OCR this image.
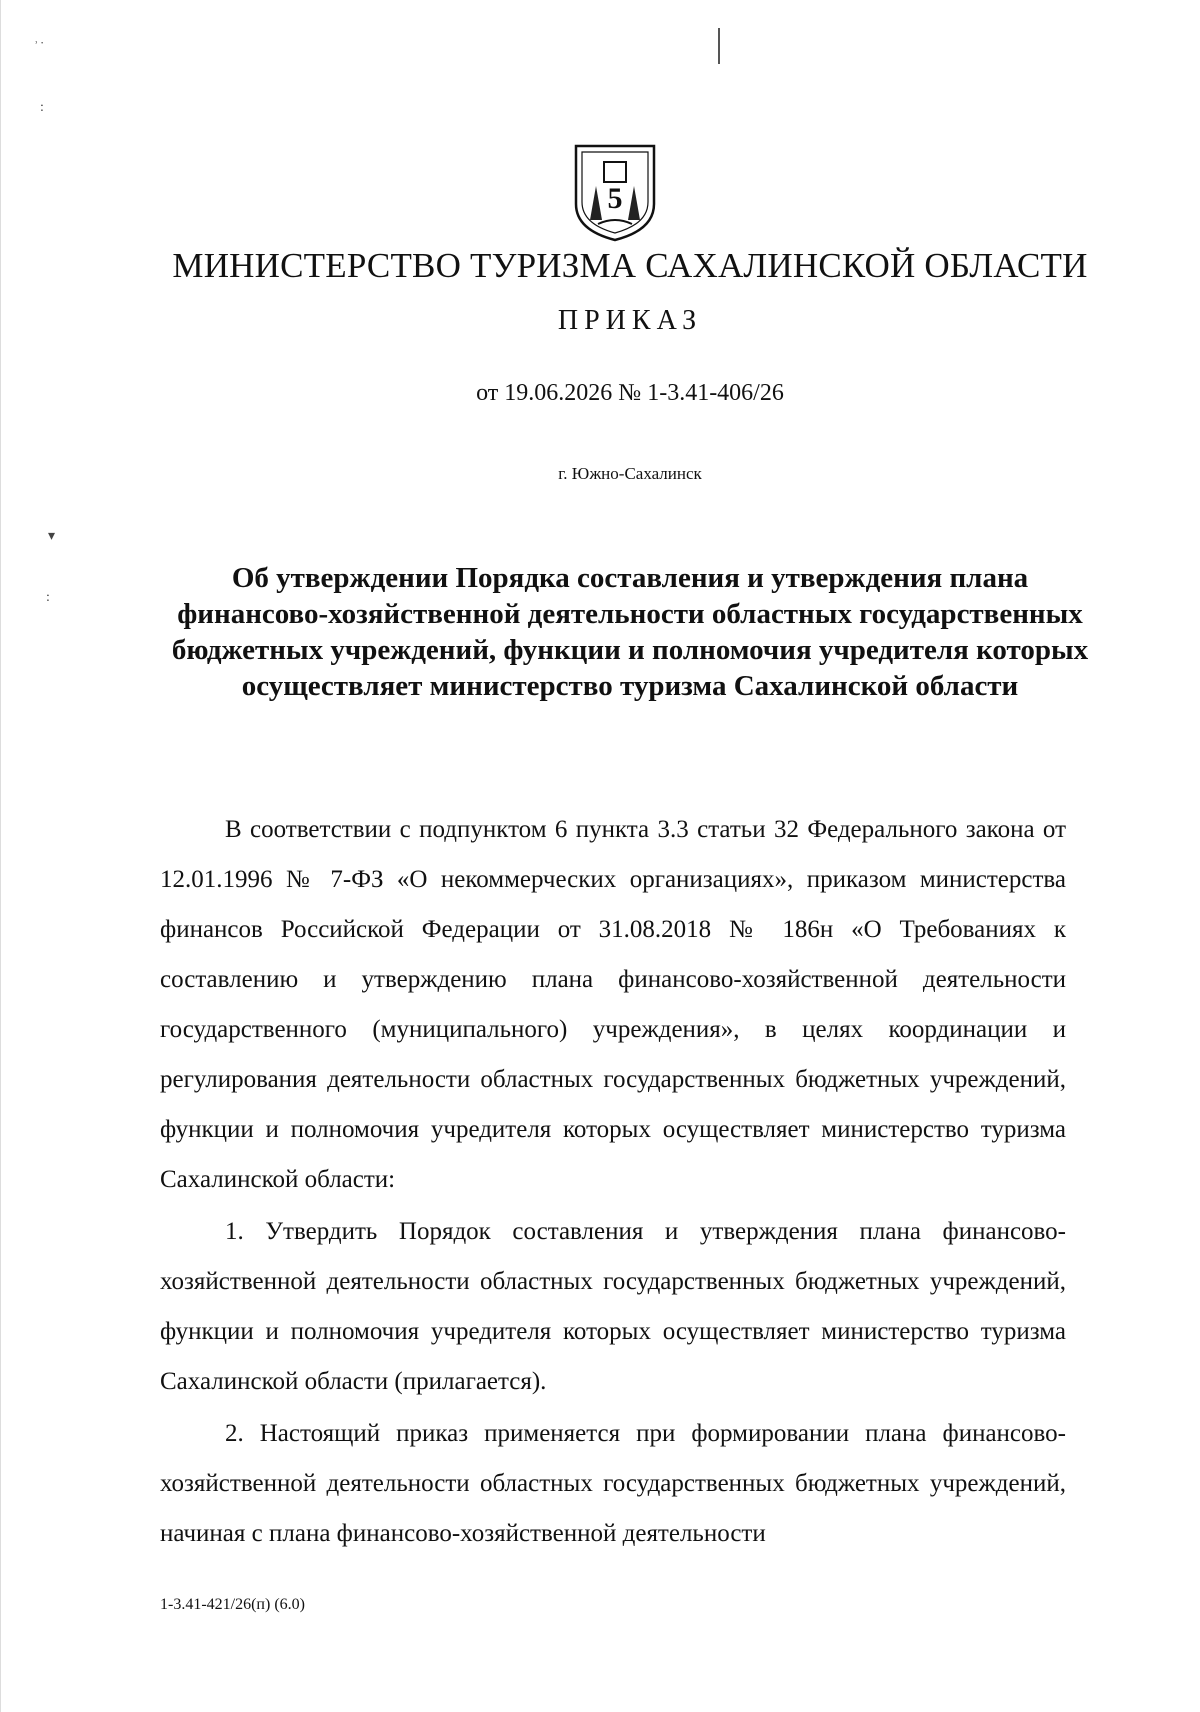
ʾ ̇
:
▾
:
5
МИНИСТЕРСТВО ТУРИЗМА САХАЛИНСКОЙ ОБЛАСТИ
ПРИКАЗ
от 19.06.2026 № 1-3.41-406/26
г. Южно-Сахалинск
Об утверждении Порядка составления и утверждения плана финансово-хозяйственной деятельности областных государственных бюджетных учреждений, функции и полномочия учредителя которых осуществляет министерство туризма Сахалинской области

В соответствии с подпунктом 6 пункта 3.3 статьи 32 Федерального закона от 12.01.1996 № 7-ФЗ «О некоммерческих организациях», приказом министерства финансов Российской Федерации от 31.08.2018 № 186н «О Требованиях к составлению и утверждению плана финансово-хозяйственной деятельности государственного (муниципального) учреждения», в целях координации и регулирования деятельности областных государственных бюджетных учреждений, функции и полномочия учредителя которых осуществляет министерство туризма Сахалинской области:

1. Утвердить Порядок составления и утверждения плана финансово-хозяйственной деятельности областных государственных бюджетных учреждений, функции и полномочия учредителя которых осуществляет министерство туризма Сахалинской области (прилагается).

2. Настоящий приказ применяется при формировании плана финансово-хозяйственной деятельности областных государственных бюджетных учреждений, начиная с плана финансово-хозяйственной деятельности

1-3.41-421/26(п) (6.0)
